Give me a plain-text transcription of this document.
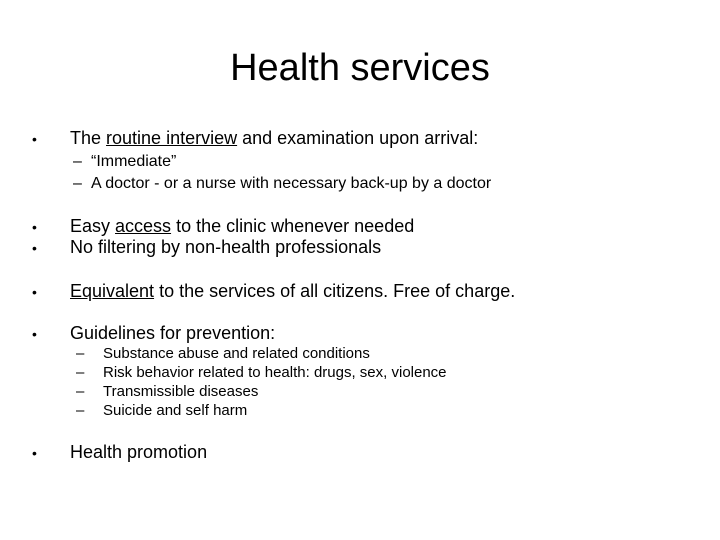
Health services
• The routine interview and examination upon arrival:
– “Immediate”
– A doctor - or a nurse with necessary back-up by a doctor
• Easy access to the clinic whenever needed
• No filtering by non-health professionals
• Equivalent to the services of all citizens. Free of charge.
• Guidelines for prevention:
– Substance abuse and related conditions
– Risk behavior related to health: drugs, sex, violence
– Transmissible diseases
– Suicide and self harm
• Health promotion
